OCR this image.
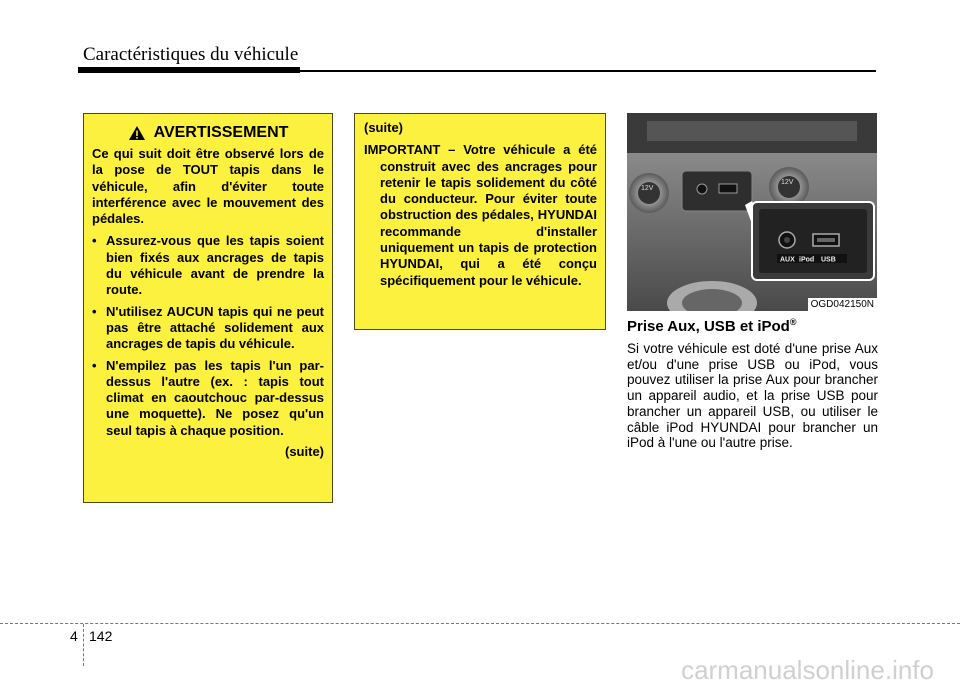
Caractéristiques du véhicule
AVERTISSEMENT

Ce qui suit doit être observé lors de la pose de TOUT tapis dans le véhicule, afin d'éviter toute interférence avec le mouvement des pédales.

• Assurez-vous que les tapis soient bien fixés aux ancrages de tapis du véhicule avant de prendre la route.
• N'utilisez AUCUN tapis qui ne peut pas être attaché solidement aux ancrages de tapis du véhicule.
• N'empilez pas les tapis l'un par-dessus l'autre (ex. : tapis tout climat en caoutchouc par-dessus une moquette). Ne posez qu'un seul tapis à chaque position.
(suite)
(suite)

IMPORTANT – Votre véhicule a été construit avec des ancrages pour retenir le tapis solidement du côté du conducteur. Pour éviter toute obstruction des pédales, HYUNDAI recommande d'installer uniquement un tapis de protection HYUNDAI, qui a été conçu spécifiquement pour le véhicule.

12V
12V
AUX iPod USB
OGD042150N
Prise Aux, USB et iPod®

Si votre véhicule est doté d'une prise Aux et/ou d'une prise USB ou iPod, vous pouvez utiliser la prise Aux pour brancher un appareil audio, et la prise USB pour brancher un appareil USB, ou utiliser le câble iPod HYUNDAI pour brancher un iPod à l'une ou l'autre prise.

4 142
carmanualsonline.info
